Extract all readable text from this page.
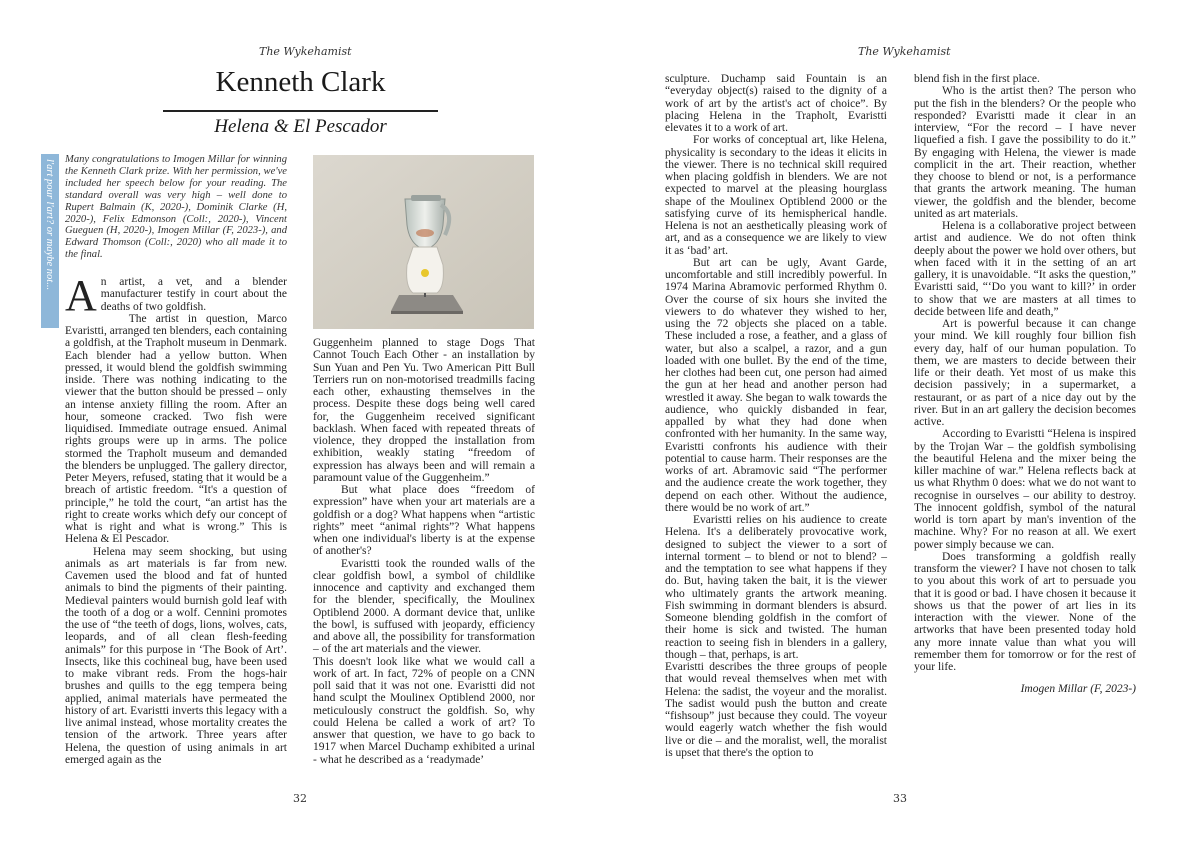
The Wykehamist
Kenneth Clark
Helena & El Pescador
l'art pour l'art? or maybe not... Many congratulations to Imogen Millar for winning the Kenneth Clark prize. With her permission, we've included her speech below for your reading. The standard overall was very high – well done to Rupert Balmain (K, 2020-), Dominik Clarke (H, 2020-), Felix Edmonson (Coll:, 2020-), Vincent Gueguen (H, 2020-), Imogen Millar (F, 2023-), and Edward Thomson (Coll:, 2020) who all made it to the final.

An artist, a vet, and a blender manufacturer testify in court about the deaths of two goldfish.

The artist in question, Marco Evaristti, arranged ten blenders, each containing a goldfish, at the Trapholt museum in Denmark. Each blender had a yellow button. When pressed, it would blend the goldfish swimming inside. There was nothing indicating to the viewer that the button should be pressed – only an intense anxiety filling the room. After an hour, someone cracked. Two fish were liquidised. Immediate outrage ensued. Animal rights groups were up in arms. The police stormed the Trapholt museum and demanded the blenders be unplugged. The gallery director, Peter Meyers, refused, stating that it would be a breach of artistic freedom. “It's a question of principle,” he told the court, “an artist has the right to create works which defy our concept of what is right and what is wrong.” This is Helena & El Pescador.

Helena may seem shocking, but using animals as art materials is far from new. Cavemen used the blood and fat of hunted animals to bind the pigments of their painting. Medieval painters would burnish gold leaf with the tooth of a dog or a wolf. Cennini promotes the use of “the teeth of dogs, lions, wolves, cats, leopards, and of all clean flesh-feeding animals” for this purpose in ‘The Book of Art’. Insects, like this cochineal bug, have been used to make vibrant reds. From the hogs-hair brushes and quills to the egg tempera being applied, animal materials have permeated the history of art. Evaristti inverts this legacy with a live animal instead, whose mortality creates the tension of the artwork. Three years after Helena, the question of using animals in art emerged again as the

Guggenheim planned to stage Dogs That Cannot Touch Each Other - an installation by Sun Yuan and Pen Yu. Two American Pitt Bull Terriers run on non-motorised treadmills facing each other, exhausting themselves in the process. Despite these dogs being well cared for, the Guggenheim received significant backlash. When faced with repeated threats of violence, they dropped the installation from exhibition, weakly stating “freedom of expression has always been and will remain a paramount value of the Guggenheim.”

But what place does “freedom of expression” have when your art materials are a goldfish or a dog? What happens when “artistic rights” meet “animal rights”? What happens when one individual's liberty is at the expense of another's?

Evaristti took the rounded walls of the clear goldfish bowl, a symbol of childlike innocence and captivity and exchanged them for the blender, specifically, the Moulinex Optiblend 2000. A dormant device that, unlike the bowl, is suffused with jeopardy, efficiency and above all, the possibility for transformation – of the art materials and the viewer.

This doesn't look like what we would call a work of art. In fact, 72% of people on a CNN poll said that it was not one. Evaristti did not hand sculpt the Moulinex Optiblend 2000, nor meticulously construct the goldfish. So, why could Helena be called a work of art? To answer that question, we have to go back to 1917 when Marcel Duchamp exhibited a urinal - what he described as a ‘readymade’

32
The Wykehamist

sculpture. Duchamp said Fountain is an “everyday object(s) raised to the dignity of a work of art by the artist's act of choice”. By placing Helena in the Trapholt, Evaristti elevates it to a work of art.

For works of conceptual art, like Helena, physicality is secondary to the ideas it elicits in the viewer. There is no technical skill required when placing goldfish in blenders. We are not expected to marvel at the pleasing hourglass shape of the Moulinex Optiblend 2000 or the satisfying curve of its hemispherical handle. Helena is not an aesthetically pleasing work of art, and as a consequence we are likely to view it as ‘bad’ art.

But art can be ugly, Avant Garde, uncomfortable and still incredibly powerful. In 1974 Marina Abramovic performed Rhythm 0. Over the course of six hours she invited the viewers to do whatever they wished to her, using the 72 objects she placed on a table. These included a rose, a feather, and a glass of water, but also a scalpel, a razor, and a gun loaded with one bullet. By the end of the time, her clothes had been cut, one person had aimed the gun at her head and another person had wrestled it away. She began to walk towards the audience, who quickly disbanded in fear, appalled by what they had done when confronted with her humanity. In the same way, Evaristti confronts his audience with their potential to cause harm. Their responses are the works of art. Abramovic said “The performer and the audience create the work together, they depend on each other. Without the audience, there would be no work of art.”

Evaristti relies on his audience to create Helena. It's a deliberately provocative work, designed to subject the viewer to a sort of internal torment – to blend or not to blend? – and the temptation to see what happens if they do. But, having taken the bait, it is the viewer who ultimately grants the artwork meaning. Fish swimming in dormant blenders is absurd. Someone blending goldfish in the comfort of their home is sick and twisted. The human reaction to seeing fish in blenders in a gallery, though – that, perhaps, is art.

Evaristti describes the three groups of people that would reveal themselves when met with Helena: the sadist, the voyeur and the moralist. The sadist would push the button and create “fishsoup” just because they could. The voyeur would eagerly watch whether the fish would live or die – and the moralist, well, the moralist is upset that there's the option to

blend fish in the first place.

Who is the artist then? The person who put the fish in the blenders? Or the people who responded? Evaristti made it clear in an interview, “For the record – I have never liquefied a fish. I gave the possibility to do it.” By engaging with Helena, the viewer is made complicit in the art. Their reaction, whether they choose to blend or not, is a performance that grants the artwork meaning. The human viewer, the goldfish and the blender, become united as art materials.

Helena is a collaborative project between artist and audience. We do not often think deeply about the power we hold over others, but when faced with it in the setting of an art gallery, it is unavoidable. “It asks the question,” Evaristti said, “‘Do you want to kill?’ in order to show that we are masters at all times to decide between life and death,”

Art is powerful because it can change your mind. We kill roughly four billion fish every day, half of our human population. To them, we are masters to decide between their life or their death. Yet most of us make this decision passively; in a supermarket, a restaurant, or as part of a nice day out by the river. But in an art gallery the decision becomes active.

According to Evaristti “Helena is inspired by the Trojan War – the goldfish symbolising the beautiful Helena and the mixer being the killer machine of war.” Helena reflects back at us what Rhythm 0 does: what we do not want to recognise in ourselves – our ability to destroy. The innocent goldfish, symbol of the natural world is torn apart by man's invention of the machine. Why? For no reason at all. We exert power simply because we can.

Does transforming a goldfish really transform the viewer? I have not chosen to talk to you about this work of art to persuade you that it is good or bad. I have chosen it because it shows us that the power of art lies in its interaction with the viewer. None of the artworks that have been presented today hold any more innate value than what you will remember them for tomorrow or for the rest of your life.

Imogen Millar (F, 2023-)
33
